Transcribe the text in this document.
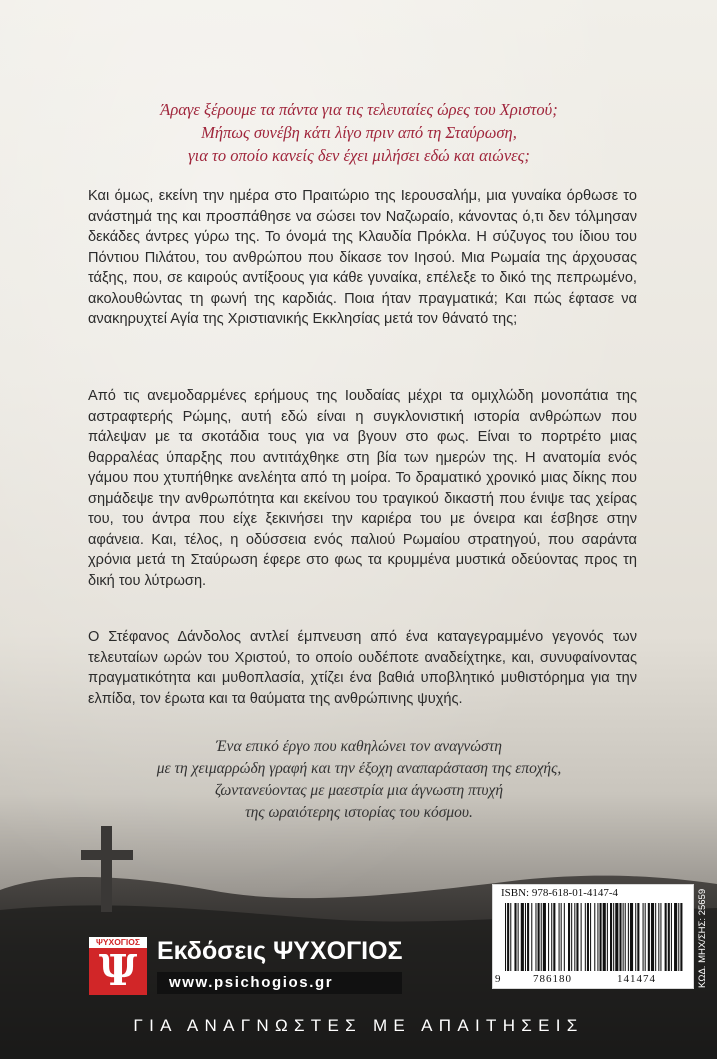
Άραγε ξέρουμε τα πάντα για τις τελευταίες ώρες του Χριστού;
Μήπως συνέβη κάτι λίγο πριν από τη Σταύρωση,
για το οποίο κανείς δεν έχει μιλήσει εδώ και αιώνες;

Και όμως, εκείνη την ημέρα στο Πραιτώριο της Ιερουσαλήμ, μια γυναίκα όρθωσε το ανάστημά της και προσπάθησε να σώσει τον Ναζωραίο, κάνοντας ό,τι δεν τόλμησαν δεκάδες άντρες γύρω της. Το όνομά της Κλαυδία Πρόκλα. Η σύζυγος του ίδιου του Πόντιου Πιλάτου, του ανθρώπου που δίκασε τον Ιησού. Μια Ρωμαία της άρχουσας τάξης, που, σε καιρούς αντίξοους για κάθε γυναίκα, επέλεξε το δικό της πεπρωμένο, ακολουθώντας τη φωνή της καρδιάς. Ποια ήταν πραγματικά; Και πώς έφτασε να ανακηρυχτεί Αγία της Χριστιανικής Εκκλησίας μετά τον θάνατό της;

Από τις ανεμοδαρμένες ερήμους της Ιουδαίας μέχρι τα ομιχλώδη μονοπάτια της αστραφτερής Ρώμης, αυτή εδώ είναι η συγκλονιστική ιστορία ανθρώπων που πάλεψαν με τα σκοτάδια τους για να βγουν στο φως. Είναι το πορτρέτο μιας θαρραλέας ύπαρξης που αντιτάχθηκε στη βία των ημερών της. Η ανατομία ενός γάμου που χτυπήθηκε ανελέητα από τη μοίρα. Το δραματικό χρονικό μιας δίκης που σημάδεψε την ανθρωπότητα και εκείνου του τραγικού δικαστή που ένιψε τας χείρας του, του άντρα που είχε ξεκινήσει την καριέρα του με όνειρα και έσβησε στην αφάνεια. Και, τέλος, η οδύσσεια ενός παλιού Ρωμαίου στρατηγού, που σαράντα χρόνια μετά τη Σταύρωση έφερε στο φως τα κρυμμένα μυστικά οδεύοντας προς τη δική του λύτρωση.

Ο Στέφανος Δάνδολος αντλεί έμπνευση από ένα καταγεγραμμένο γεγονός των τελευταίων ωρών του Χριστού, το οποίο ουδέποτε αναδείχτηκε, και, συνυφαίνοντας πραγματικότητα και μυθοπλασία, χτίζει ένα βαθιά υποβλητικό μυθιστόρημα για την ελπίδα, τον έρωτα και τα θαύματα της ανθρώπινης ψυχής.

Ένα επικό έργο που καθηλώνει τον αναγνώστη
με τη χειμαρρώδη γραφή και την έξοχη αναπαράσταση της εποχής,
ζωντανεύοντας με μαεστρία μια άγνωστη πτυχή
της ωραιότερης ιστορίας του κόσμου.

ISBN: 978-618-01-4147-4
9	786180	141474	ΚΩΔ. ΜΗΧ/ΣΗΣ: 25659
ΨΥΧΟΓΙΟΣ
Ψ Εκδόσεις ΨΥΧΟΓΙΟΣ
www.psichogios.gr
ΓΙΑ ΑΝΑΓΝΩΣΤΕΣ ΜΕ ΑΠΑΙΤΗΣΕΙΣ
